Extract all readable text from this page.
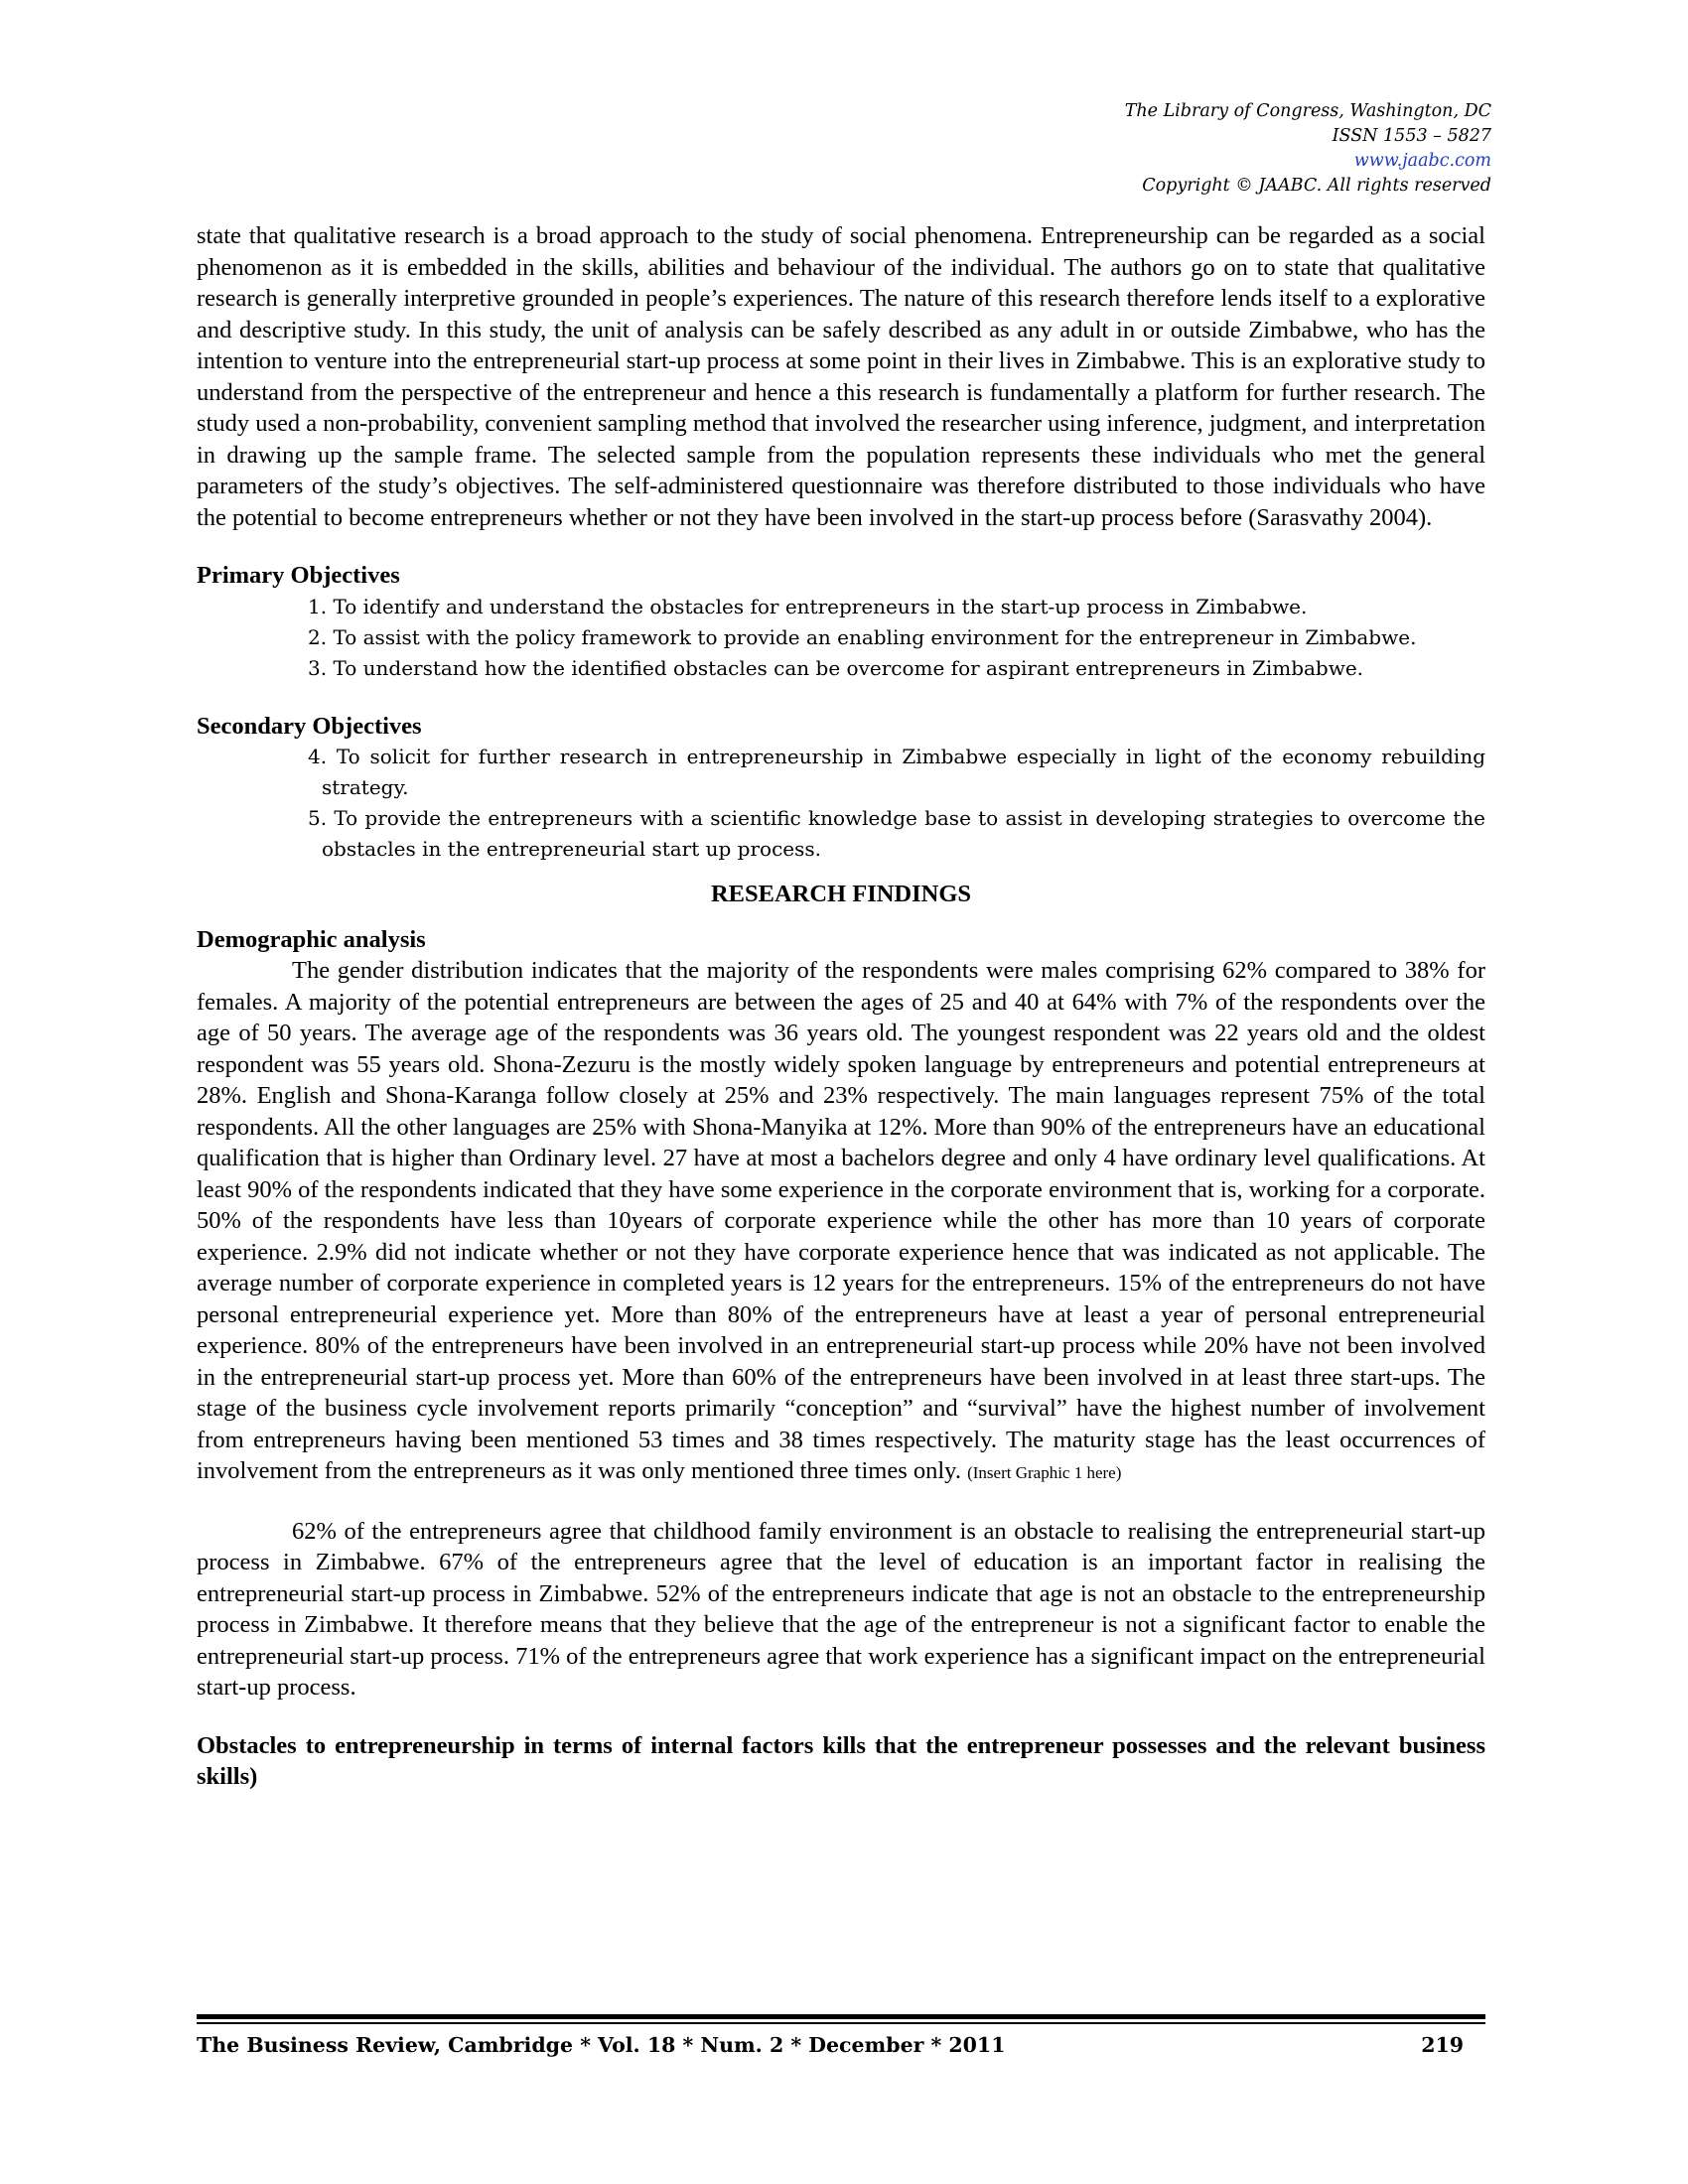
The Library of Congress, Washington, DC
ISSN 1553 – 5827
www.jaabc.com
Copyright © JAABC. All rights reserved

state that qualitative research is a broad approach to the study of social phenomena. Entrepreneurship can be regarded as a social phenomenon as it is embedded in the skills, abilities and behaviour of the individual. The authors go on to state that qualitative research is generally interpretive grounded in people’s experiences. The nature of this research therefore lends itself to a explorative and descriptive study. In this study, the unit of analysis can be safely described as any adult in or outside Zimbabwe, who has the intention to venture into the entrepreneurial start-up process at some point in their lives in Zimbabwe. This is an explorative study to understand from the perspective of the entrepreneur and hence a this research is fundamentally a platform for further research. The study used a non-probability, convenient sampling method that involved the researcher using inference, judgment, and interpretation in drawing up the sample frame. The selected sample from the population represents these individuals who met the general parameters of the study’s objectives. The self-administered questionnaire was therefore distributed to those individuals who have the potential to become entrepreneurs whether or not they have been involved in the start-up process before (Sarasvathy 2004).

Primary Objectives
1. To identify and understand the obstacles for entrepreneurs in the start-up process in Zimbabwe.
2. To assist with the policy framework to provide an enabling environment for the entrepreneur in Zimbabwe.
3. To understand how the identified obstacles can be overcome for aspirant entrepreneurs in Zimbabwe.
Secondary Objectives
4. To solicit for further research in entrepreneurship in Zimbabwe especially in light of the economy rebuilding strategy.
5. To provide the entrepreneurs with a scientific knowledge base to assist in developing strategies to overcome the obstacles in the entrepreneurial start up process.
RESEARCH FINDINGS
Demographic analysis

The gender distribution indicates that the majority of the respondents were males comprising 62% compared to 38% for females. A majority of the potential entrepreneurs are between the ages of 25 and 40 at 64% with 7% of the respondents over the age of 50 years. The average age of the respondents was 36 years old. The youngest respondent was 22 years old and the oldest respondent was 55 years old. Shona-Zezuru is the mostly widely spoken language by entrepreneurs and potential entrepreneurs at 28%. English and Shona-Karanga follow closely at 25% and 23% respectively. The main languages represent 75% of the total respondents. All the other languages are 25% with Shona-Manyika at 12%. More than 90% of the entrepreneurs have an educational qualification that is higher than Ordinary level. 27 have at most a bachelors degree and only 4 have ordinary level qualifications. At least 90% of the respondents indicated that they have some experience in the corporate environment that is, working for a corporate. 50% of the respondents have less than 10years of corporate experience while the other has more than 10 years of corporate experience. 2.9% did not indicate whether or not they have corporate experience hence that was indicated as not applicable. The average number of corporate experience in completed years is 12 years for the entrepreneurs. 15% of the entrepreneurs do not have personal entrepreneurial experience yet. More than 80% of the entrepreneurs have at least a year of personal entrepreneurial experience. 80% of the entrepreneurs have been involved in an entrepreneurial start-up process while 20% have not been involved in the entrepreneurial start-up process yet. More than 60% of the entrepreneurs have been involved in at least three start-ups. The stage of the business cycle involvement reports primarily “conception” and “survival” have the highest number of involvement from entrepreneurs having been mentioned 53 times and 38 times respectively. The maturity stage has the least occurrences of involvement from the entrepreneurs as it was only mentioned three times only. (Insert Graphic 1 here)

62% of the entrepreneurs agree that childhood family environment is an obstacle to realising the entrepreneurial start-up process in Zimbabwe. 67% of the entrepreneurs agree that the level of education is an important factor in realising the entrepreneurial start-up process in Zimbabwe. 52% of the entrepreneurs indicate that age is not an obstacle to the entrepreneurship process in Zimbabwe. It therefore means that they believe that the age of the entrepreneur is not a significant factor to enable the entrepreneurial start-up process. 71% of the entrepreneurs agree that work experience has a significant impact on the entrepreneurial start-up process.

Obstacles to entrepreneurship in terms of internal factors kills that the entrepreneur possesses and the relevant business skills)
The Business Review, Cambridge * Vol. 18 * Num. 2 * December * 2011	219
